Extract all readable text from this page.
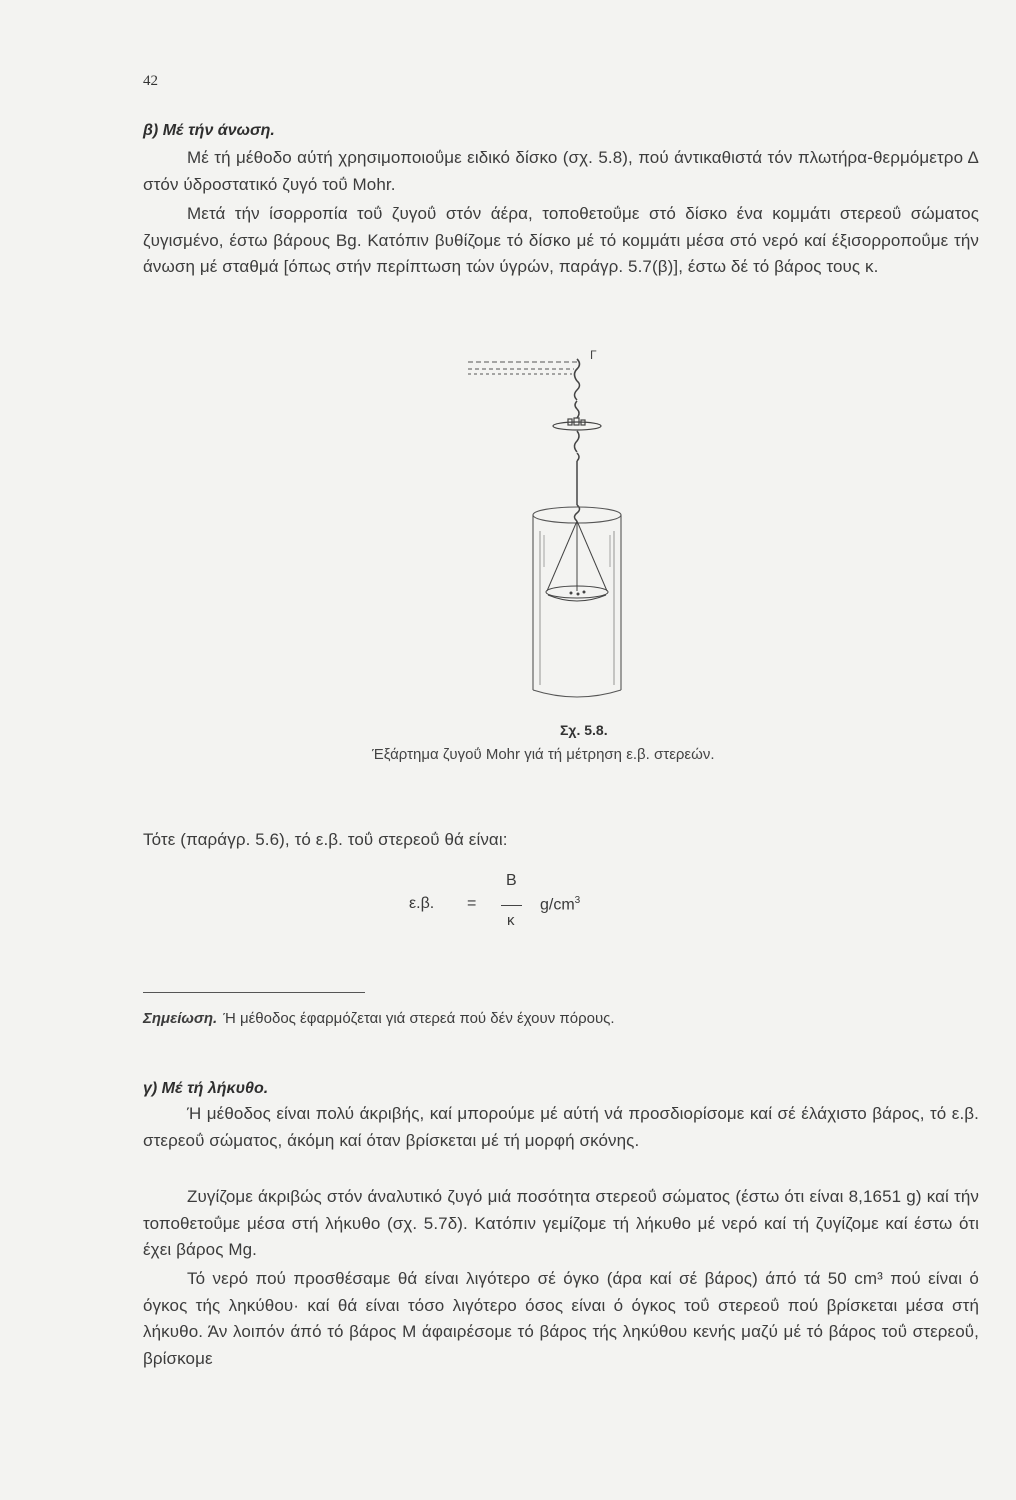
42
β) Μέ τήν άνωση.

Μέ τή μέθοδο αύτή χρησιμοποιοΰμε ειδικό δίσκο (σχ. 5.8), πού άντικαθιστά τόν πλωτήρα-θερμόμετρο Δ στόν ύδροστατικό ζυγό τοΰ Mohr.

Μετά τήν ίσορροπία τοΰ ζυγοΰ στόν άέρα, τοποθετοΰμε στό δίσκο ένα κομμάτι στερεοΰ σώματος ζυγισμένο, έστω βάρους Bg. Κατόπιν βυθίζομε τό δίσκο μέ τό κομμάτι μέσα στό νερό καί έξισορροποΰμε τήν άνωση μέ σταθμά [όπως στήν περίπτωση τών ύγρών, παράγρ. 5.7(β)], έστω δέ τό βάρος τους κ.

Γ
Σχ. 5.8.
Έξάρτημα ζυγοΰ Mohr γιά τή μέτρηση ε.β. στερεών.

Τότε (παράγρ. 5.6), τό ε.β. τοΰ στερεοΰ θά είναι:

ε.β. =
Β
κ
$g/cm^3$
Σημείωση. Ή μέθοδος έφαρμόζεται γιά στερεά πού δέν έχουν πόρους.
γ) Μέ τή λήκυθο.

Ή μέθοδος είναι πολύ άκριβής, καί μπορούμε μέ αύτή νά προσδιορίσομε καί σέ έλάχιστο βάρος, τό ε.β. στερεοΰ σώματος, άκόμη καί όταν βρίσκεται μέ τή μορφή σκόνης.

Ζυγίζομε άκριβώς στόν άναλυτικό ζυγό μιά ποσότητα στερεοΰ σώματος (έστω ότι είναι 8,1651 g) καί τήν τοποθετοΰμε μέσα στή λήκυθο (σχ. 5.7δ). Κατόπιν γεμίζομε τή λήκυθο μέ νερό καί τή ζυγίζομε καί έστω ότι έχει βάρος Mg.

Τό νερό πού προσθέσαμε θά είναι λιγότερο σέ όγκο (άρα καί σέ βάρος) άπό τά 50 cm³ πού είναι ό όγκος τής ληκύθου· καί θά είναι τόσο λιγότερο όσος είναι ό όγκος τοΰ στερεοΰ πού βρίσκεται μέσα στή λήκυθο. Άν λοιπόν άπό τό βάρος Μ άφαιρέσομε τό βάρος τής ληκύθου κενής μαζύ μέ τό βάρος τοΰ στερεοΰ, βρίσκομε
